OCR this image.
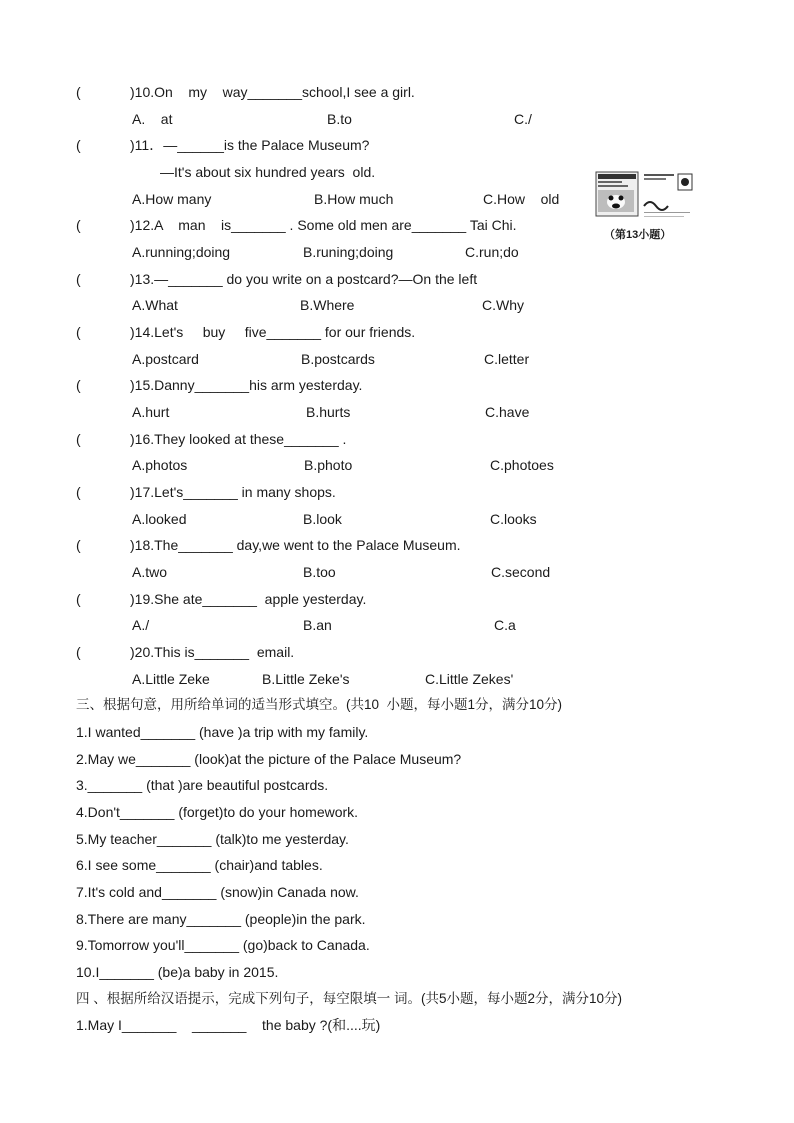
(	)10.On    my    way_______school,I see a girl.
A.    at	B.to	C./
(	)11．—______is the Palace Museum?
—It's about six hundred years  old.
A.How many	B.How much	C.How    old
（第13小题）
(	)12.A    man    is_______ . Some old men are_______ Tai Chi.
A.running;doing	B.runing;doing	C.run;do
(	)13.—_______ do you write on a postcard?—On the left
A.What	B.Where	C.Why
(	)14.Let's     buy     five_______ for our friends.
A.postcard	B.postcards	C.letter
(	)15.Danny_______his arm yesterday.
A.hurt	B.hurts	C.have
(	)16.They looked at these_______ .
A.photos	B.photo	C.photoes
(	)17.Let's_______ in many shops.
A.looked	B.look	C.looks
(	)18.The_______ day,we went to the Palace Museum.
A.two	B.too	C.second
(	)19.She ate_______  apple yesterday.
A./	B.an	C.a
(	)20.This is_______  email.
A.Little Zeke	B.Little Zeke's	C.Little Zekes'
三、根据句意，用所给单词的适当形式填空。(共10  小题，每小题1分，满分10分)
1.I wanted_______ (have )a trip with my family.
2.May we_______ (look)at the picture of the Palace Museum?
3._______ (that )are beautiful postcards.
4.Don't_______ (forget)to do your homework.
5.My teacher_______ (talk)to me yesterday.
6.I see some_______ (chair)and tables.
7.It's cold and_______ (snow)in Canada now.
8.There are many_______ (people)in the park.
9.Tomorrow you'll_______ (go)back to Canada.
10.I_______ (be)a baby in 2015.
四 、根据所给汉语提示，完成下列句子，每空限填一 词。(共5小题，每小题2分，满分10分)
1.May I_______    _______    the baby ?(和....玩)
